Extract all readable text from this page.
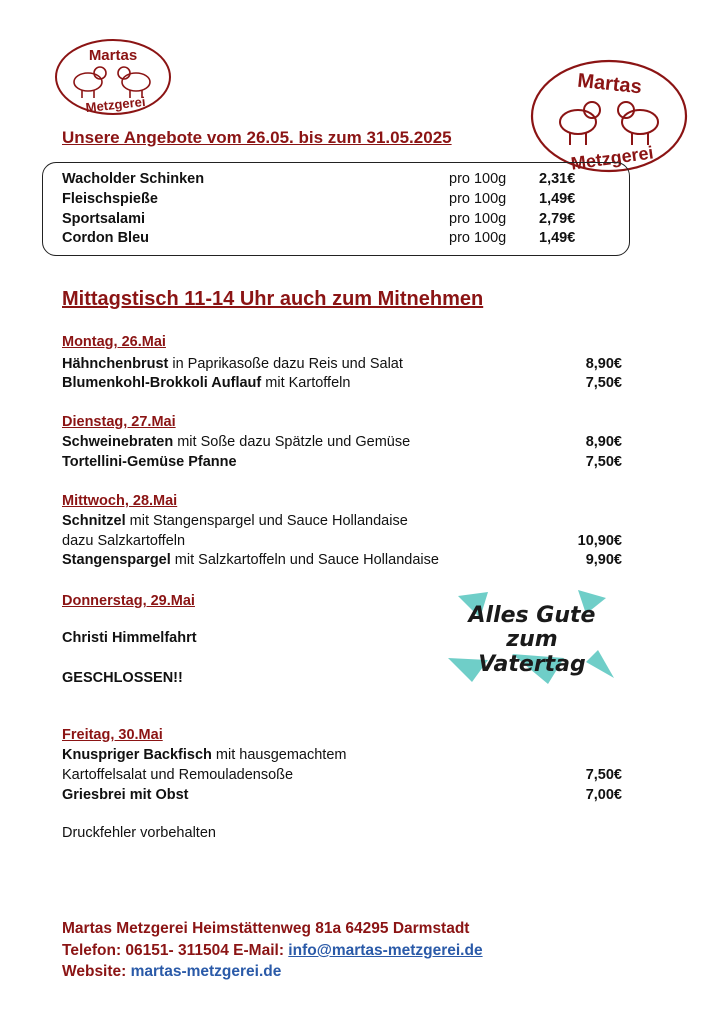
Martas
Metzgerei
Martas
Metzgerei
Unsere Angebote vom 26.05. bis zum 31.05.2025
Wacholder Schinken	pro 100g 2,31€
Fleischspieße	pro 100g 1,49€
Sportsalami	pro 100g 2,79€
Cordon Bleu	pro 100g 1,49€
Mittagstisch 11-14 Uhr auch zum Mitnehmen
Montag, 26.Mai
Hähnchenbrust in Paprikasoße dazu Reis und Salat	8,90€
Blumenkohl-Brokkoli Auflauf mit Kartoffeln	7,50€
Dienstag, 27.Mai
Schweinebraten mit Soße dazu Spätzle und Gemüse	8,90€
Tortellini-Gemüse Pfanne	7,50€
Mittwoch, 28.Mai
Schnitzel mit Stangenspargel und Sauce Hollandaise
dazu Salzkartoffeln	10,90€
Stangenspargel mit Salzkartoffeln und Sauce Hollandaise	9,90€
Donnerstag, 29.Mai
Christi Himmelfahrt
GESCHLOSSEN!!
Alles Gute
zum
Vatertag
Freitag, 30.Mai
Knuspriger Backfisch mit hausgemachtem
Kartoffelsalat und Remouladensoße	7,50€
Griesbrei mit Obst	7,00€
Druckfehler vorbehalten
Martas Metzgerei Heimstättenweg 81a 64295 Darmstadt
Telefon: 06151- 311504 E-Mail: info@martas-metzgerei.de
Website: martas-metzgerei.de
